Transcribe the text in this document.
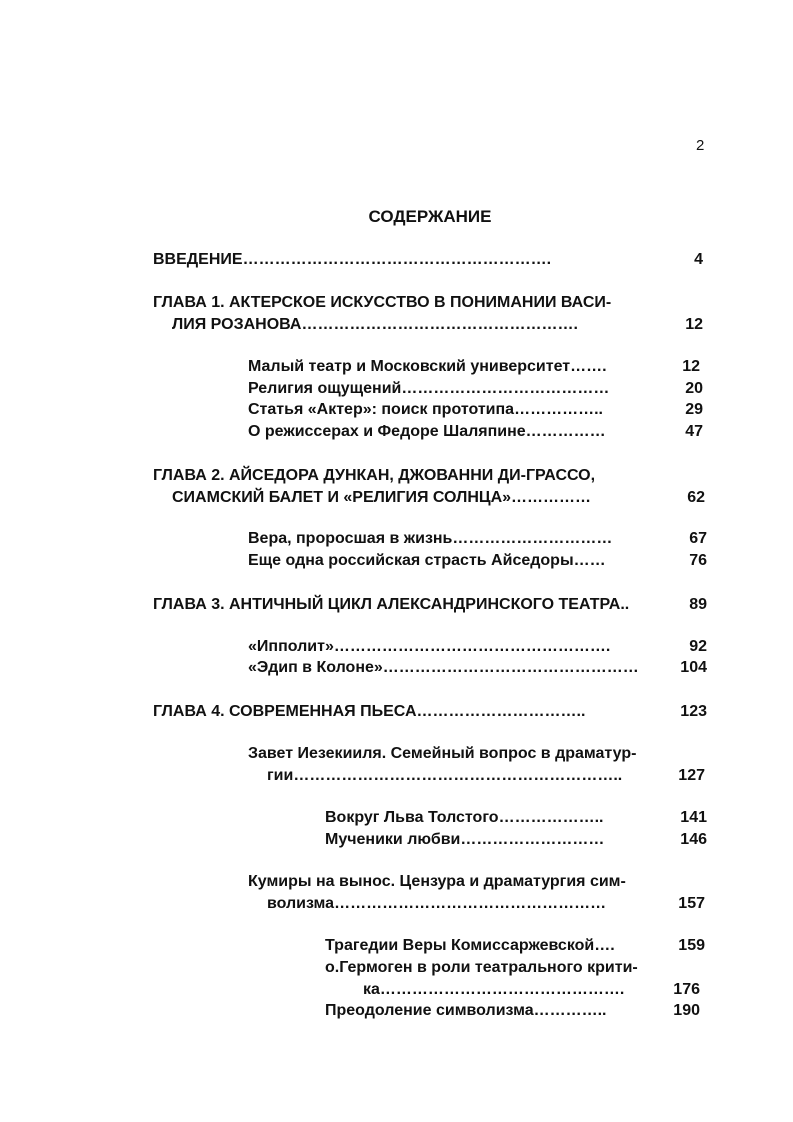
2
СОДЕРЖАНИЕ
ВВЕДЕНИЕ………………………………………………….	4
ГЛАВА 1. АКТЕРСКОЕ ИСКУССТВО В ПОНИМАНИИ ВАСИ-
ЛИЯ РОЗАНОВА…………………………………………….	12
Малый театр и Московский университет…….	12
Религия ощущений…………………………………	20
Статья «Актер»: поиск прототипа……………..	29
О режиссерах и Федоре Шаляпине……………	47
ГЛАВА 2. АЙСЕДОРА ДУНКАН, ДЖОВАННИ ДИ-ГРАССО,
СИАМСКИЙ БАЛЕТ И «РЕЛИГИЯ СОЛНЦА»……………	62
Вера, проросшая в жизнь…………………………	67
Еще одна российская страсть Айседоры……	76
ГЛАВА 3. АНТИЧНЫЙ ЦИКЛ АЛЕКСАНДРИНСКОГО ТЕАТРА..	89
«Ипполит»…………………………………………….	92
«Эдип в Колоне»…………………………………………	104
ГЛАВА 4. СОВРЕМЕННАЯ ПЬЕСА…………………………..	123
Завет Иезекииля. Семейный вопрос в драматур-
гии……………………………………………………..	127
Вокруг Льва Толстого………………..	141
Мученики любви………………………	146
Кумиры на вынос. Цензура и драматургия сим-
волизма……………………………………………	157
Трагедии Веры Комиссаржевской….	159
о.Гермоген в роли театрального крити-
ка……………………………………….	176
Преодоление символизма…………..	190
